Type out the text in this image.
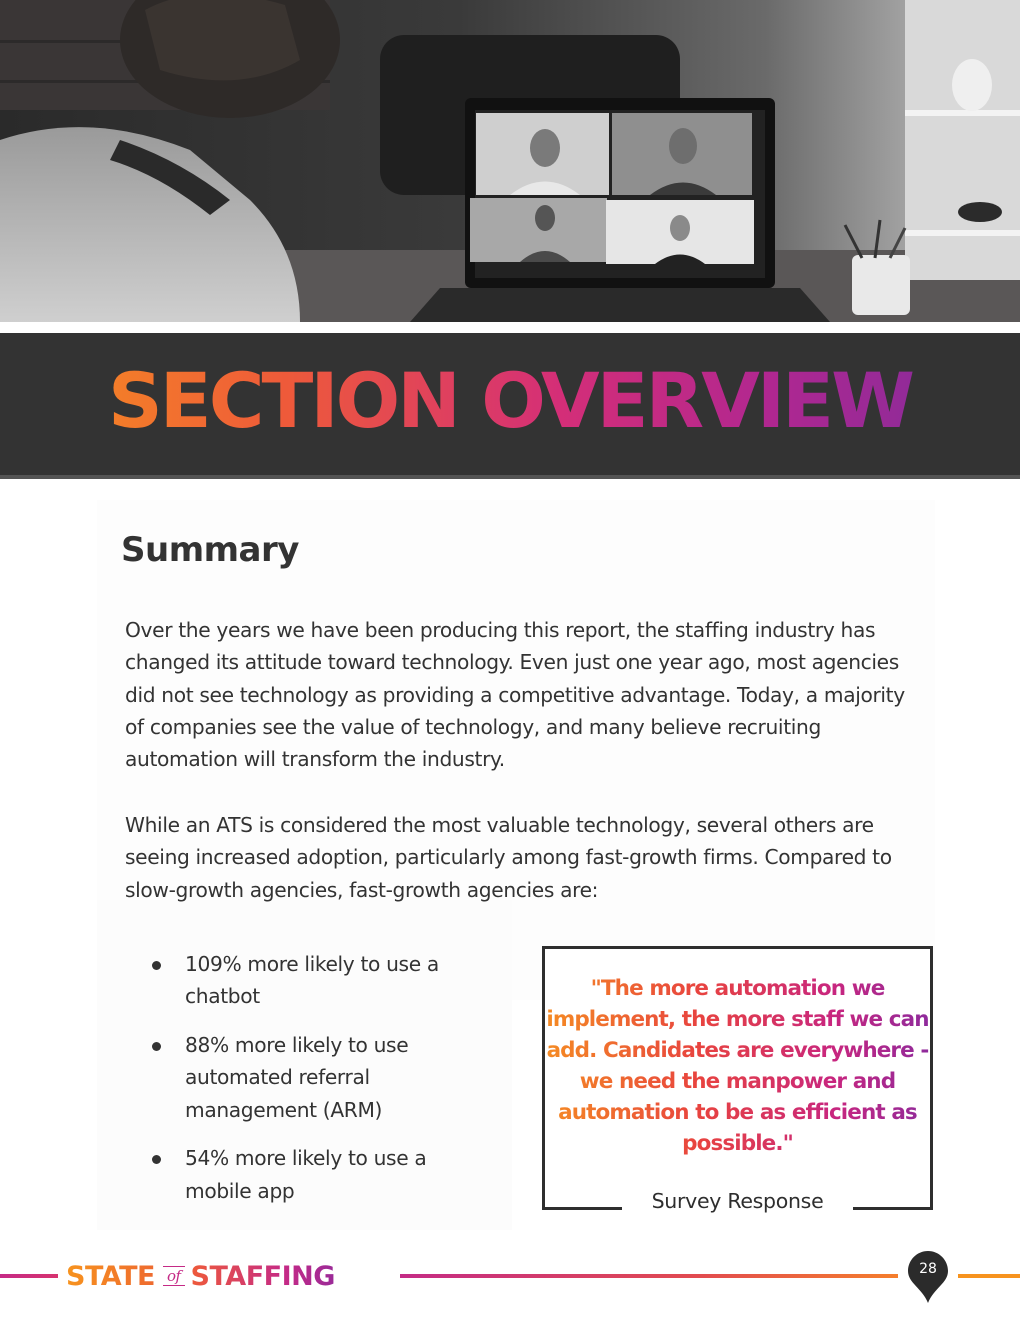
SECTION OVERVIEW
Summary

Over the years we have been producing this report, the staffing industry has changed its attitude toward technology. Even just one year ago, most agencies did not see technology as providing a competitive advantage. Today, a majority of companies see the value of technology, and many believe recruiting automation will transform the industry.

While an ATS is considered the most valuable technology, several others are seeing increased adoption, particularly among fast-growth firms. Compared to slow-growth agencies, fast-growth agencies are:

109% more likely to use a chatbot
88% more likely to use automated referral management (ARM)
54% more likely to use a mobile app
"The more automation we implement, the more staff we can add. Candidates are everywhere - we need the manpower and automation to be as efficient as possible."
Survey Response
STATE of STAFFING	28
